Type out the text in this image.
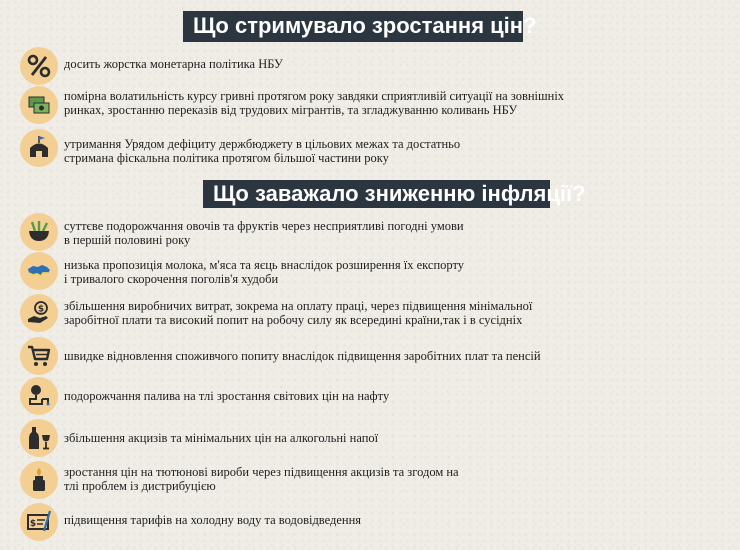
Що стримувало зростання цін?
досить жорстка монетарна політика НБУ
помірна волатильність курсу гривні протягом року завдяки сприятливій ситуації на зовнішніх
ринках, зростанню переказів від трудових мігрантів, та згладжуванню коливань НБУ
утримання Урядом дефіциту держбюджету в цільових межах та достатньо
стримана фіскальна політика протягом більшої частини року
Що заважало зниженню інфляції?
суттєве подорожчання овочів та фруктів через несприятливі погодні умови
в першій половині року
низька пропозиція молока, м'яса та яєць внаслідок розширення їх експорту
і тривалого скорочення поголів'я худоби
$ збільшення виробничих витрат, зокрема на оплату праці, через підвищення мінімальної
заробітної плати та високий попит на робочу силу як всередині країни,так і в сусідніх
швидке відновлення споживчого попиту внаслідок підвищення заробітних плат та пенсій
подорожчання палива на тлі зростання світових цін на нафту
збільшення акцизів та мінімальних цін на алкогольні напої
зростання цін на тютюнові вироби через підвищення акцизів та згодом на
тлі проблем із дистрибуцією
$ підвищення тарифів на холодну воду та водовідведення
